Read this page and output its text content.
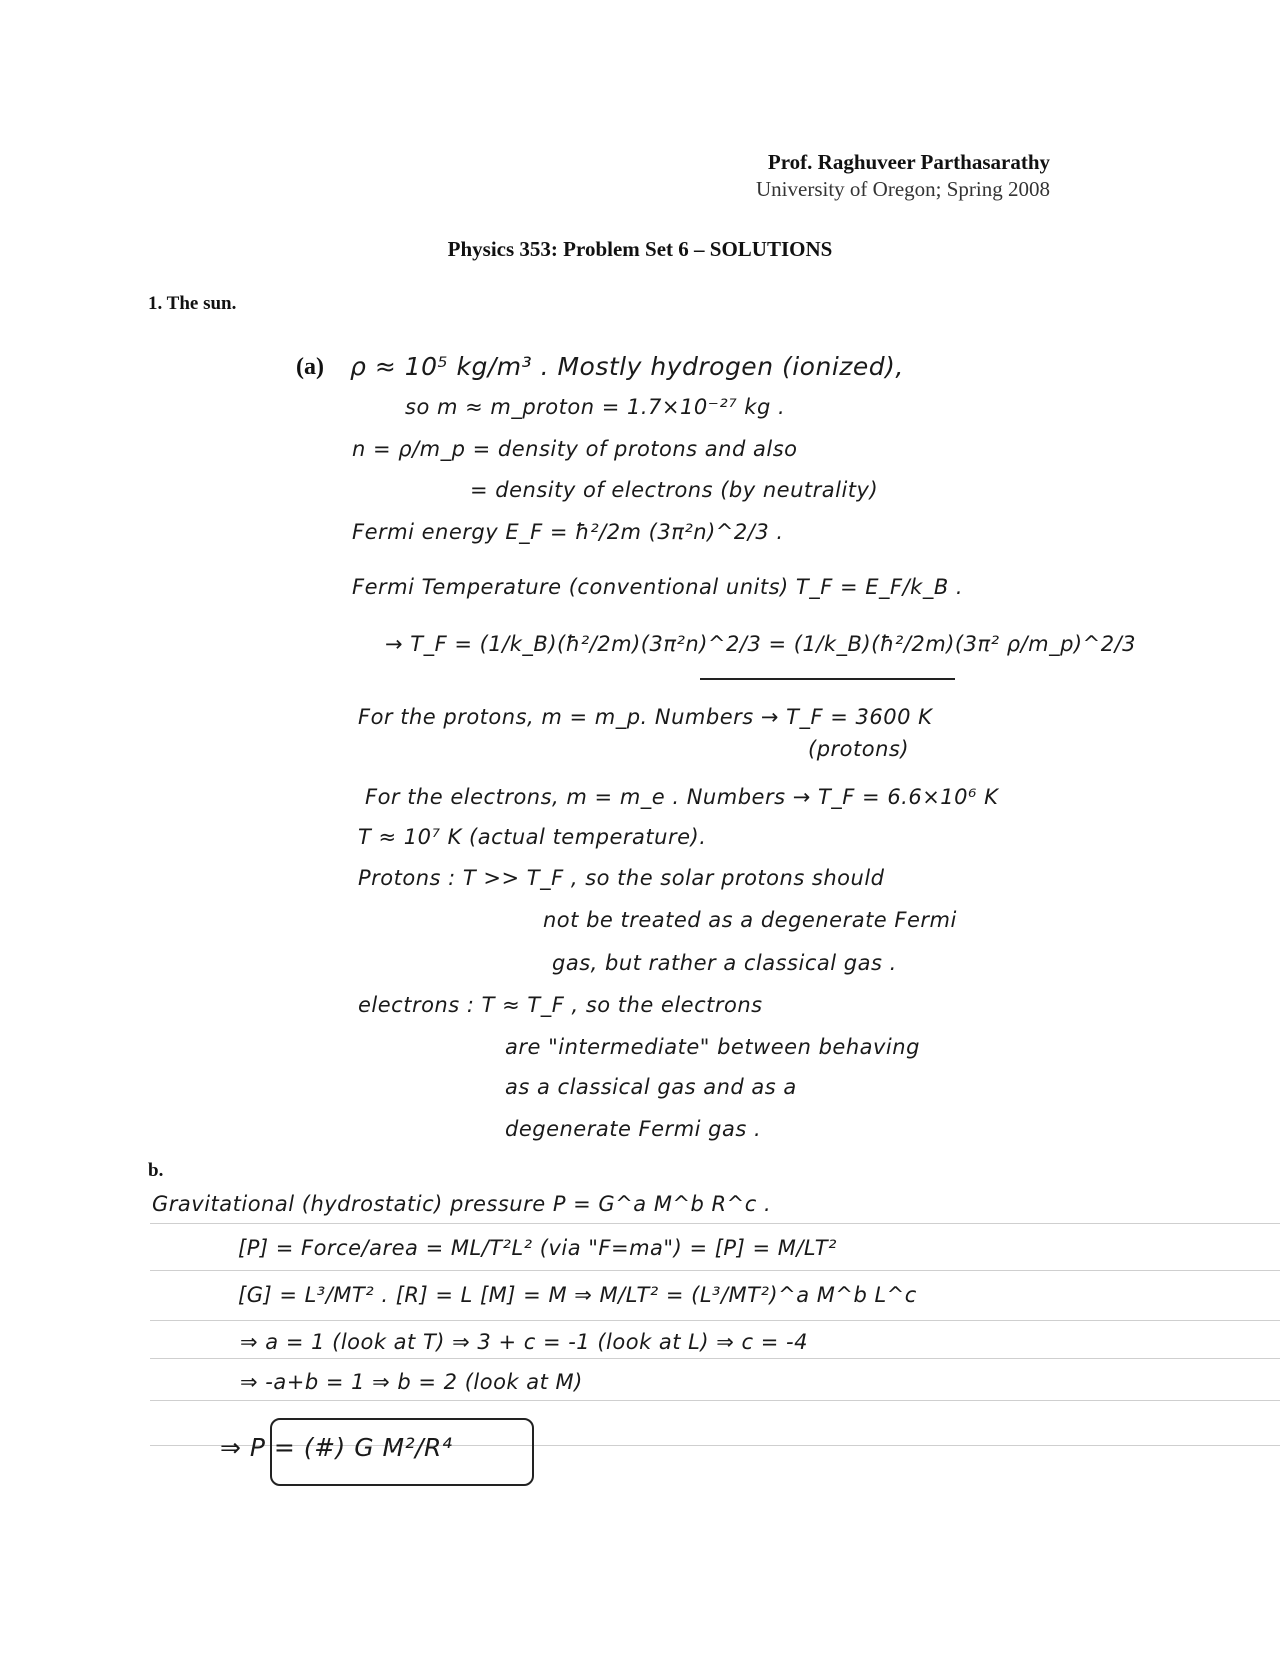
Prof. Raghuveer Parthasarathy
University of Oregon; Spring 2008
Physics 353: Problem Set 6 – SOLUTIONS
1. The sun.
(a) ρ ≈ 10⁵ kg/m³ . Mostly hydrogen (ionized),
so m ≈ m_proton = 1.7×10⁻²⁷ kg .
n = ρ/m_p = density of protons and also
= density of electrons (by neutrality)
Fermi energy E_F = ħ²/2m (3π²n)^2/3 .
Fermi Temperature (conventional units) T_F = E_F/k_B .
→ T_F = (1/k_B)(ħ²/2m)(3π²n)^2/3 = (1/k_B)(ħ²/2m)(3π² ρ/m_p)^2/3
For the protons, m = m_p. Numbers → T_F = 3600 K
(protons)
For the electrons, m = m_e . Numbers → T_F = 6.6×10⁶ K
T ≈ 10⁷ K (actual temperature).
Protons : T >> T_F , so the solar protons should
not be treated as a degenerate Fermi
gas, but rather a classical gas .
electrons : T ≈ T_F , so the electrons
are "intermediate" between behaving
as a classical gas and as a
degenerate Fermi gas .
b.
Gravitational (hydrostatic) pressure P = G^a M^b R^c .
[P] = Force/area = ML/T²L² (via "F=ma") = [P] = M/LT²
[G] = L³/MT² . [R] = L [M] = M ⇒ M/LT² = (L³/MT²)^a M^b L^c
⇒ a = 1 (look at T) ⇒ 3 + c = -1 (look at L) ⇒ c = -4
⇒ -a+b = 1 ⇒ b = 2 (look at M)
⇒ P = (#) G M²/R⁴
